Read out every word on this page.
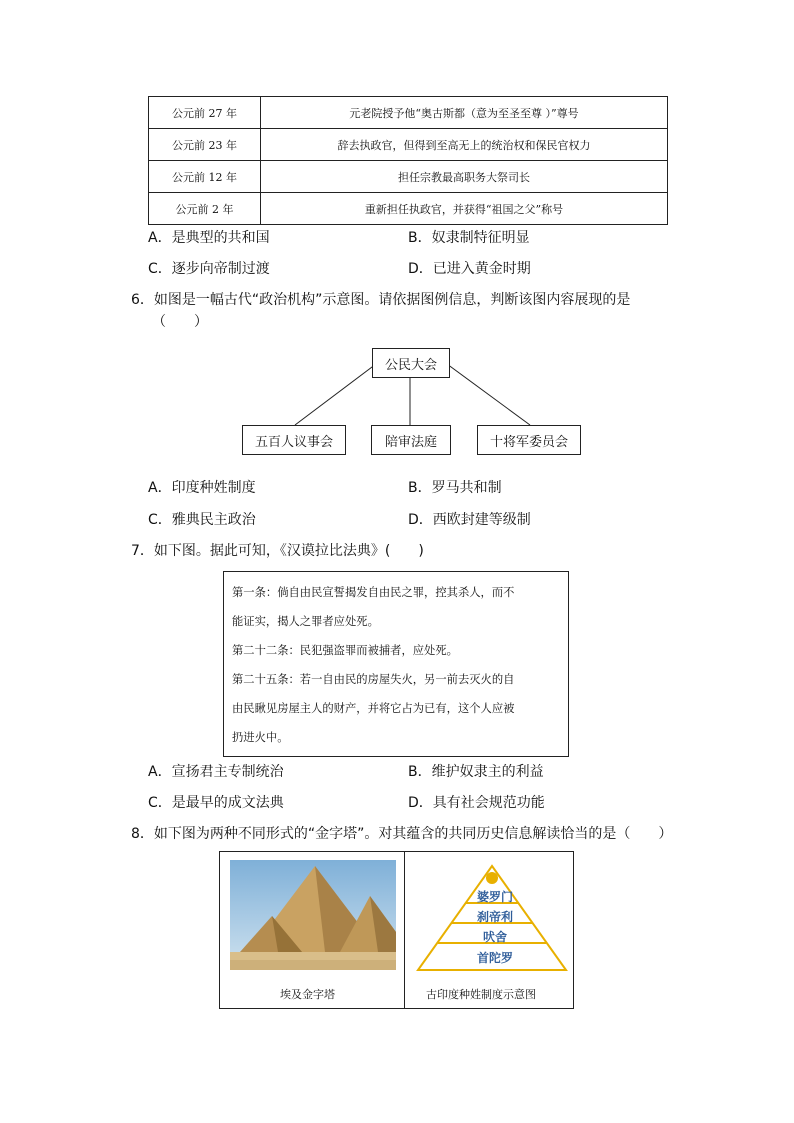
公元前 27 年	元老院授予他“奥古斯都（意为至圣至尊 ）”尊号
公元前 23 年	辞去执政官，但得到至高无上的统治权和保民官权力
公元前 12 年	担任宗教最高职务大祭司长
公元前 2 年	重新担任执政官，并获得“祖国之父”称号
A．是典型的共和国	B．奴隶制特征明显
C．逐步向帝制过渡	D．已进入黄金时期
6．如图是一幅古代“政治机构”示意图。请依据图例信息，判断该图内容展现的是
（　　）
公民大会
五百人议事会	陪审法庭	十将军委员会
A．印度种姓制度	B．罗马共和制
C．雅典民主政治	D．西欧封建等级制
7．如下图。据此可知，《汉谟拉比法典》(　　)

第一条：倘自由民宣誓揭发自由民之罪，控其杀人，而不

能证实，揭人之罪者应处死。

第二十二条：民犯强盗罪而被捕者，应处死。

第二十五条：若一自由民的房屋失火，另一前去灭火的自

由民瞅见房屋主人的财产，并将它占为已有，这个人应被

扔进火中。

A．宣扬君主专制统治	B．维护奴隶主的利益
C．是最早的成文法典	D．具有社会规范功能
8．如下图为两种不同形式的“金字塔”。对其蕴含的共同历史信息解读恰当的是（　　）
埃及金字塔
♛
婆罗门
刹帝利
吠舍
首陀罗
古印度种姓制度示意图
